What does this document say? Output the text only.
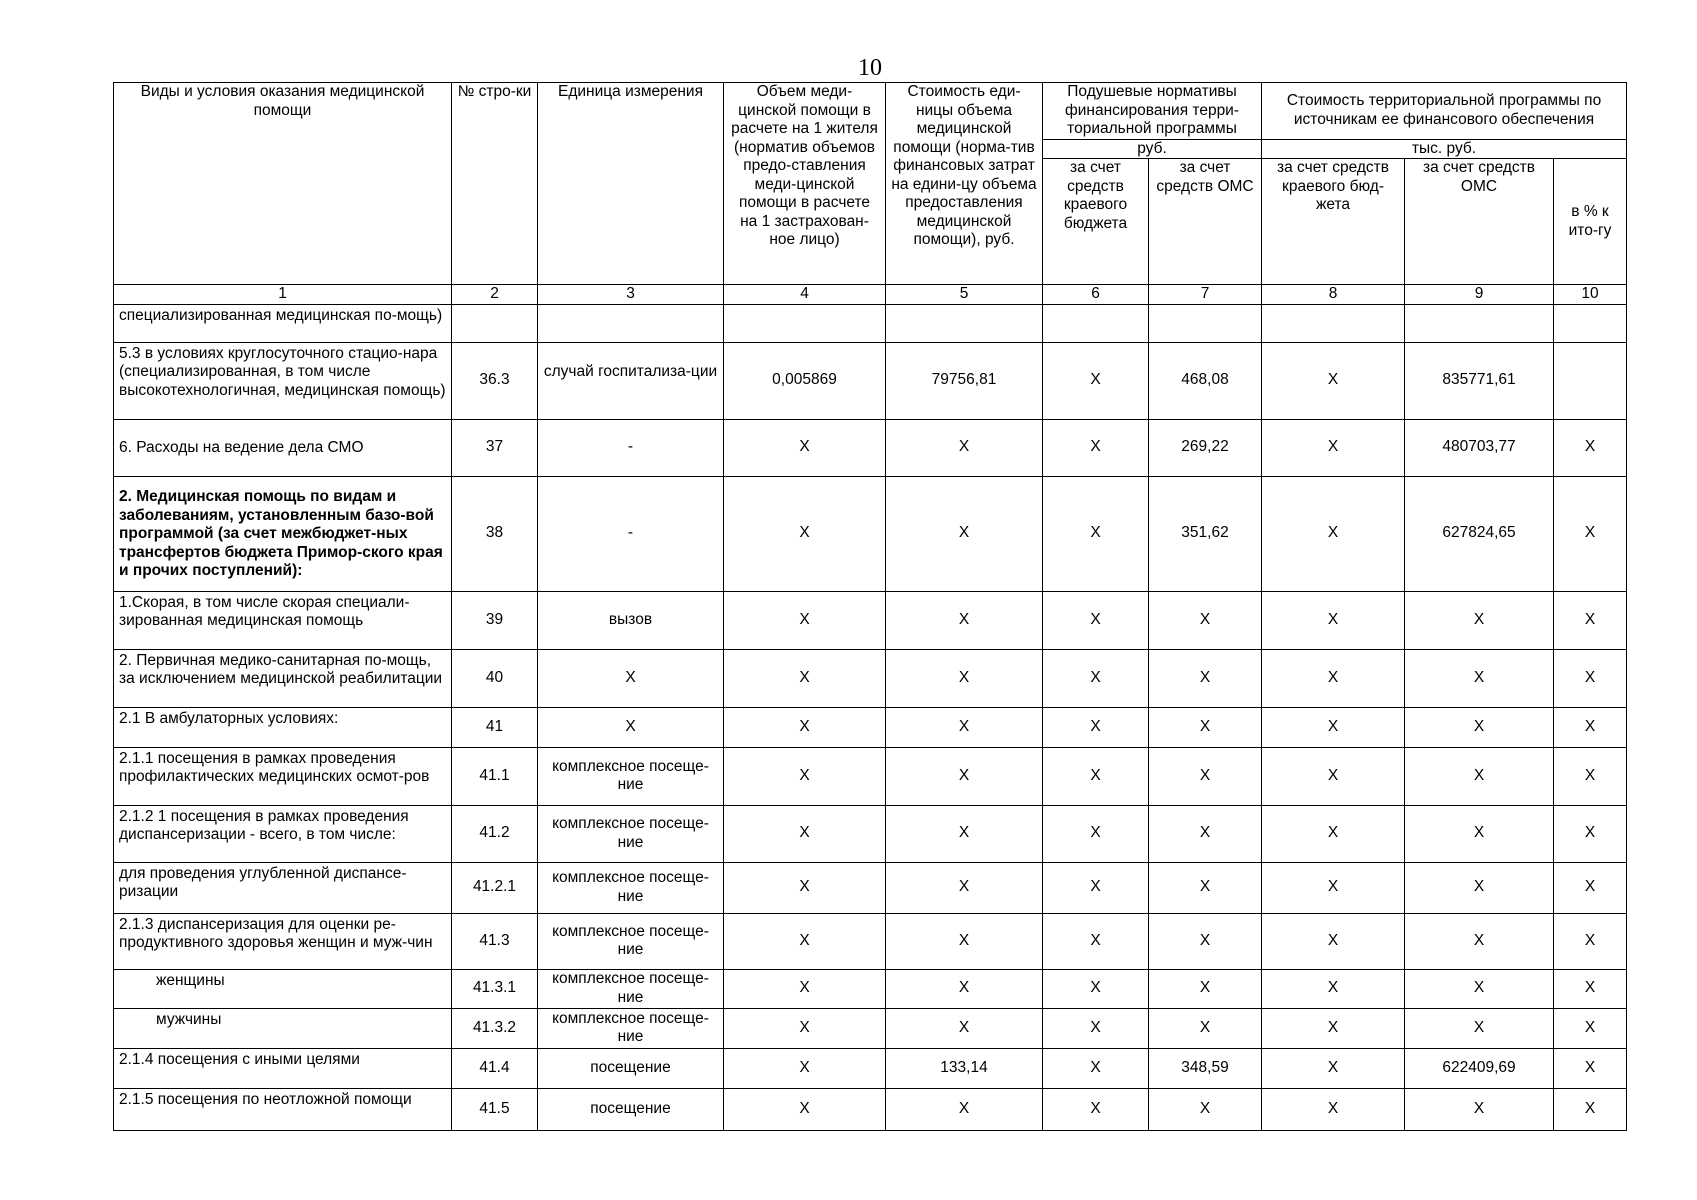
10
Виды и условия оказания медицинской помощи	№ стро-ки	Единица измерения	Объем меди-цинской помощи в расчете на 1 жителя (норматив объемов предо-ставления меди-цинской помощи в расчете на 1 застрахован-ное лицо)	Стоимость еди-ницы объема медицинской помощи (норма-тив финансовых затрат на едини-цу объема предоставления медицинской помощи), руб.	Подушевые нормативы финансирования терри-ториальной программы		Стоимость территориальной программы по источникам ее финансового обеспечения		
					руб.		тыс. руб.		
					за счет средств краевого бюджета	за счет средств ОМС	за счет средств краевого бюд-жета	за счет средств ОМС	в % к ито-гу
1	2	3	4	5	6	7	8	9	10
специализированная медицинская по-мощь)									
5.3 в условиях круглосуточного стацио-нара (специализированная, в том числе высокотехнологичная, медицинская помощь)	36.3	случай госпитализа-ции	0,005869	79756,81	X	468,08	X	835771,61	
6. Расходы на ведение дела СМО	37	-	X	X	X	269,22	X	480703,77	X
2. Медицинская помощь по видам и заболеваниям, установленным базо-вой программой (за счет межбюджет-ных трансфертов бюджета Примор-ского края и прочих поступлений):	38	-	X	X	X	351,62	X	627824,65	X
1.Скорая, в том числе скорая специали-зированная медицинская помощь	39	вызов	X	X	X	X	X	X	X
2. Первичная медико-санитарная по-мощь, за исключением медицинской реабилитации	40	X	X	X	X	X	X	X	X
2.1 В амбулаторных условиях:	41	X	X	X	X	X	X	X	X
2.1.1 посещения в рамках проведения профилактических медицинских осмот-ров	41.1	комплексное посеще-ние	X	X	X	X	X	X	X
2.1.2 1 посещения в рамках проведения диспансеризации - всего, в том числе:	41.2	комплексное посеще-ние	X	X	X	X	X	X	X
для проведения углубленной диспансе-ризации	41.2.1	комплексное посеще-ние	X	X	X	X	X	X	X
2.1.3 диспансеризация для оценки ре-продуктивного здоровья женщин и муж-чин	41.3	комплексное посеще-ние	X	X	X	X	X	X	X
женщины	41.3.1	комплексное посеще-ние	X	X	X	X	X	X	X
мужчины	41.3.2	комплексное посеще-ние	X	X	X	X	X	X	X
2.1.4 посещения с иными целями	41.4	посещение	X	133,14	X	348,59	X	622409,69	X
2.1.5 посещения по неотложной помощи	41.5	посещение	X	X	X	X	X	X	X
